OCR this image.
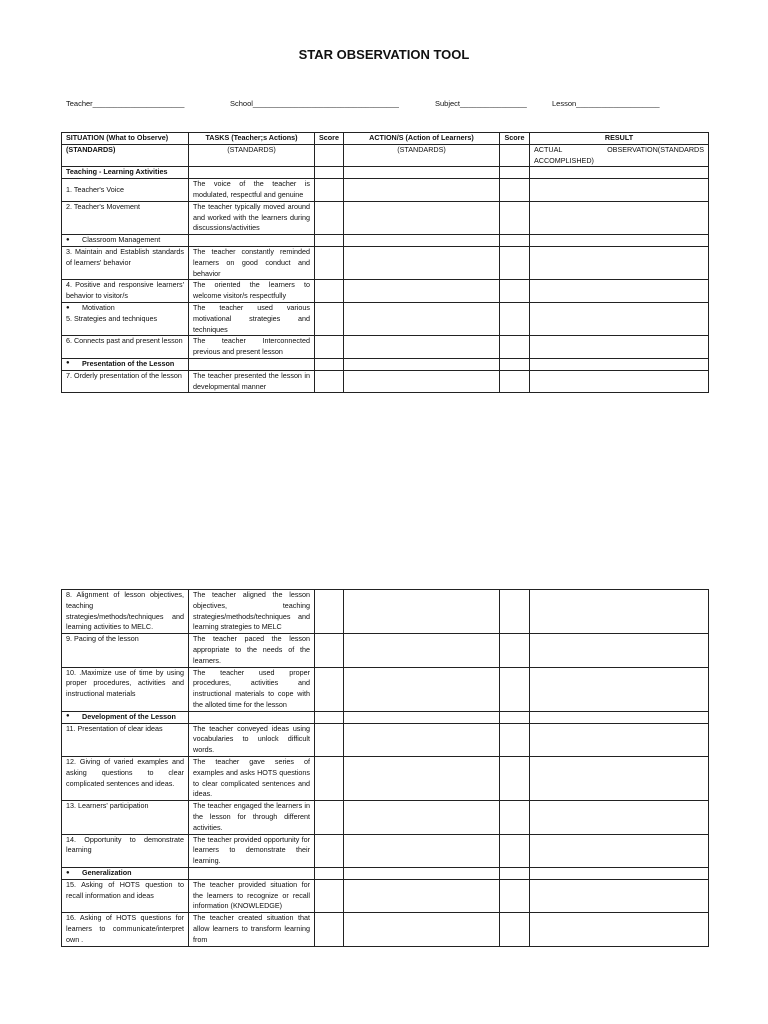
STAR OBSERVATION TOOL
Teacher______________________	School___________________________________	Subject________________	Lesson____________________
SITUATION (What to Observe)	TASKS (Teacher;s Actions)	Score	ACTION/S (Action of Learners)	Score	RESULT
(STANDARDS)	(STANDARDS)		(STANDARDS)		ACTUAL OBSERVATION(STANDARDS ACCOMPLISHED)
Teaching - Learning Axtivities					
1. Teacher's Voice	The voice of the teacher is modulated, respectful and genuine				
2. Teacher's Movement	The teacher typically moved around and worked with the learners during discussions/activities				
● Classroom Management					
3. Maintain and Establish standards of learners' behavior	The teacher constantly reminded learners on good conduct and behavior				
4. Positive and responsive learners' behavior to visitor/s	The oriented the learners to welcome visitor/s respectfully				
● Motivation
5. Strategies and techniques	The teacher used various motivational strategies and techniques				
6. Connects past and present lesson	The teacher Interconnected previous and present lesson				

● Presentation of the Lesson					

7. Orderly presentation of the lesson	The teacher presented the lesson in developmental manner				
8. Alignment of lesson objectives, teaching strategies/methods/techniques and learning activities to MELC.	The teacher aligned the lesson objectives, teaching strategies/methods/techniques and learning strategies to MELC				
9. Pacing of the lesson	The teacher paced the lesson appropriate to the needs of the learners.				
10. .Maximize use of time by using proper procedures, activities and instructional materials	The teacher used proper procedures, activities and instructional materials to cope with the alloted time for the lesson				

● Development of the Lesson					

11. Presentation of clear ideas	The teacher conveyed ideas using vocabularies to unlock difficult words.				
12. Giving of varied examples and asking questions to clear complicated sentences and ideas.	The teacher gave series of examples and asks HOTS questions to clear complicated sentences and ideas.				
13. Learners' participation	The teacher engaged the learners in the lesson for through different activities.				
14. Opportunity to demonstrate learning	The teacher provided opportunity for learners to demonstrate their learning.				
● Generalization					
15. Asking of HOTS question to recall information and ideas	The teacher provided situation for the learners to recognize or recall information (KNOWLEDGE)				
16. Asking of HOTS questions for learners to communicate/interpret own .	The teacher created situation that allow learners to transform learning from				
